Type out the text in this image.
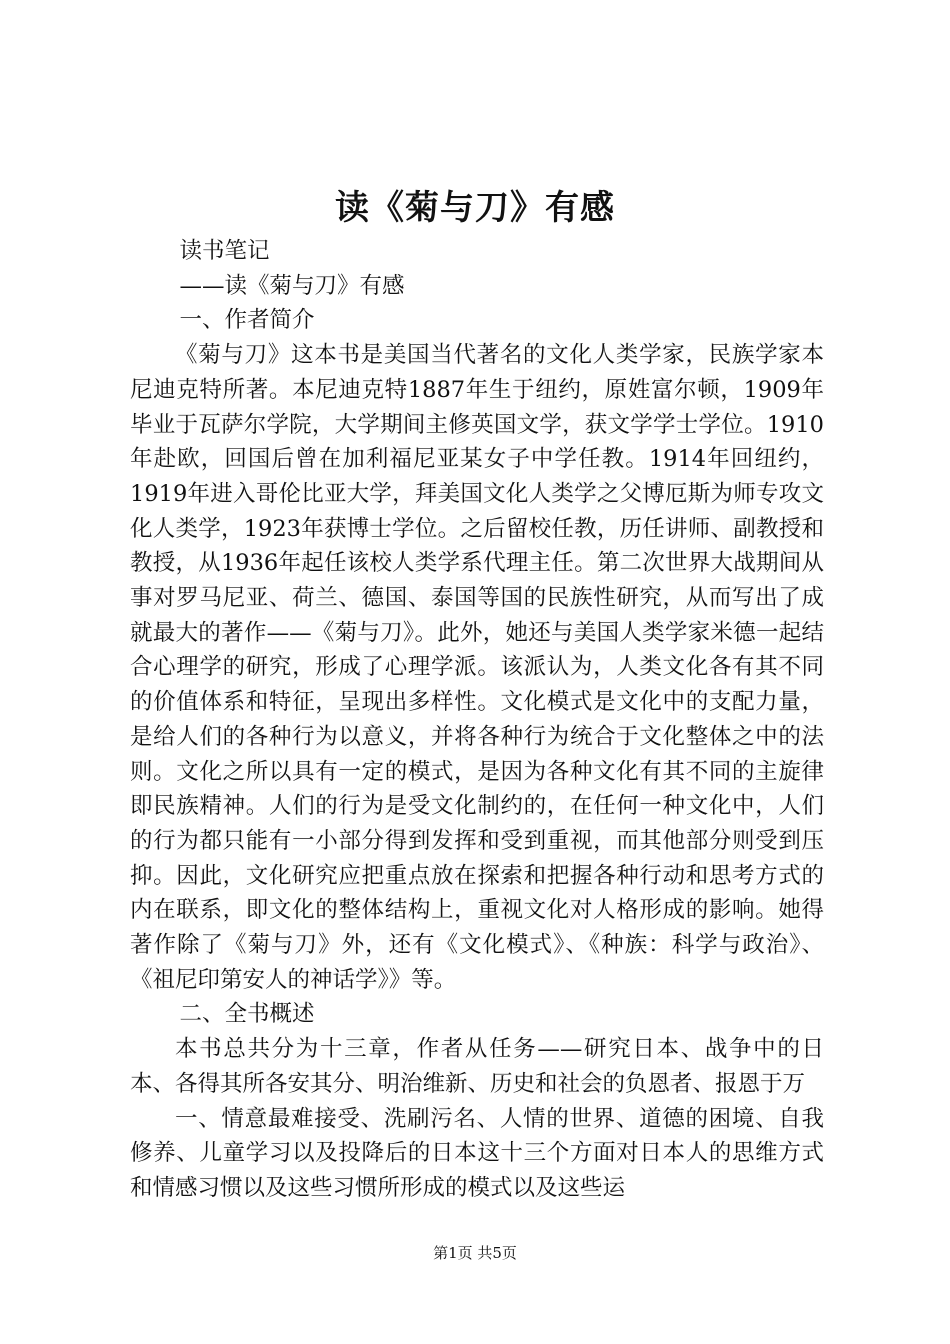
读《菊与刀》有感

读书笔记

——读《菊与刀》有感

一、作者简介

《菊与刀》这本书是美国当代著名的文化人类学家，民族学家本尼迪克特所著。本尼迪克特1887年生于纽约，原姓富尔顿，1909年毕业于瓦萨尔学院，大学期间主修英国文学，获文学学士学位。1910年赴欧，回国后曾在加利福尼亚某女子中学任教。1914年回纽约，1919年进入哥伦比亚大学，拜美国文化人类学之父博厄斯为师专攻文化人类学，1923年获博士学位。之后留校任教，历任讲师、副教授和教授，从1936年起任该校人类学系代理主任。第二次世界大战期间从事对罗马尼亚、荷兰、德国、泰国等国的民族性研究，从而写出了成就最大的著作——《菊与刀》。此外，她还与美国人类学家米德一起结合心理学的研究，形成了心理学派。该派认为，人类文化各有其不同的价值体系和特征，呈现出多样性。文化模式是文化中的支配力量，是给人们的各种行为以意义，并将各种行为统合于文化整体之中的法则。文化之所以具有一定的模式，是因为各种文化有其不同的主旋律即民族精神。人们的行为是受文化制约的，在任何一种文化中，人们的行为都只能有一小部分得到发挥和受到重视，而其他部分则受到压抑。因此，文化研究应把重点放在探索和把握各种行动和思考方式的内在联系，即文化的整体结构上，重视文化对人格形成的影响。她得著作除了《菊与刀》外，还有《文化模式》、《种族：科学与政治》、《祖尼印第安人的神话学》》等。

二、全书概述

本书总共分为十三章，作者从任务——研究日本、战争中的日本、各得其所各安其分、明治维新、历史和社会的负恩者、报恩于万

一、情意最难接受、洗刷污名、人情的世界、道德的困境、自我修养、儿童学习以及投降后的日本这十三个方面对日本人的思维方式和情感习惯以及这些习惯所形成的模式以及这些运

第1页 共5页
